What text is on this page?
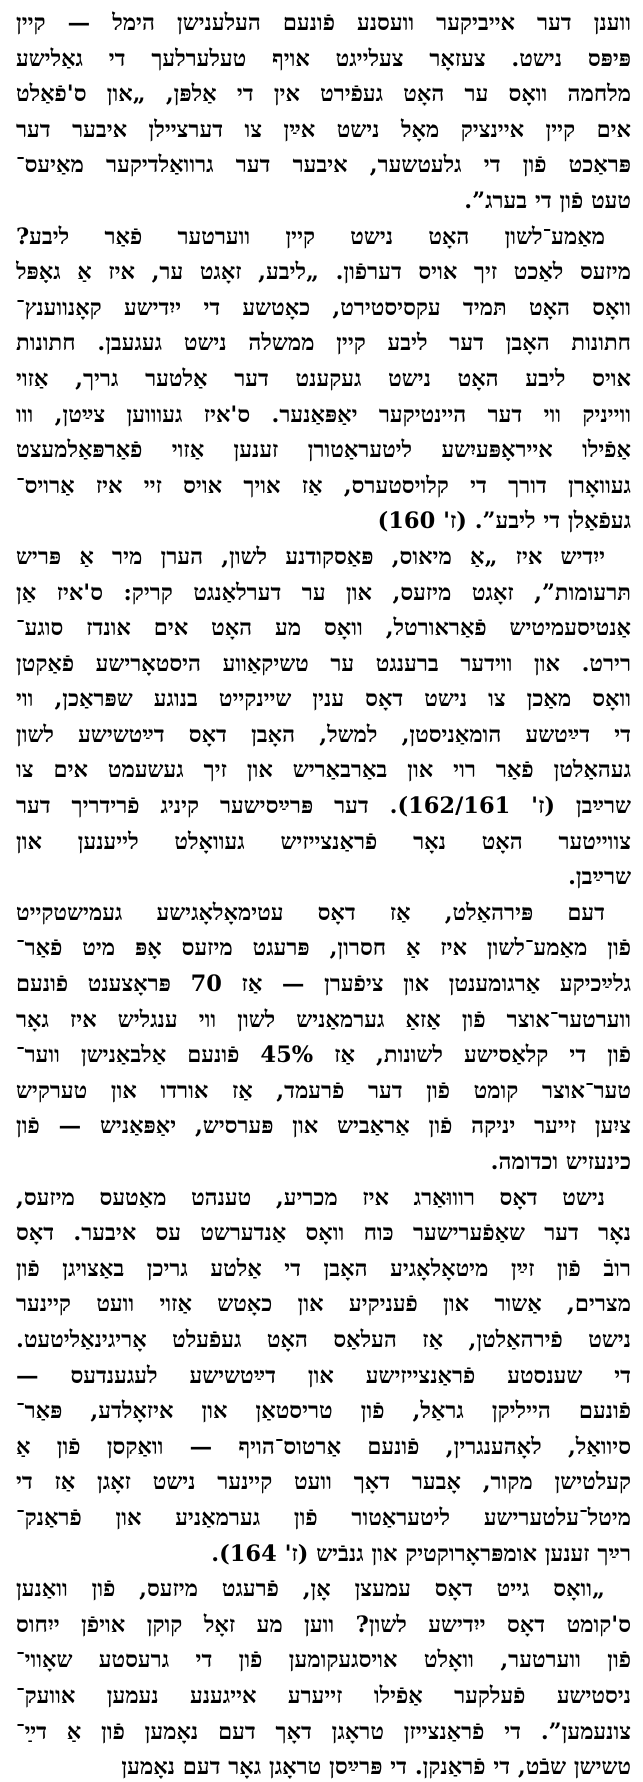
ווענן דער אייביקער וועסנע פֿונעם העלענישן הימל — קיין
פּיפּס נישט. צעזאָר צעלייגט אויף טעלערלעך די גאַלישע
מלחמה וואָס ער האָט געפֿירט אין די אַלפּן, „און ס'פֿאַלט
אים קיין איינציק מאָל נישט אײַן צו דערציילן איבער דער
פּראַכט פֿון די גלעטשער, איבער דער גרוואַלדיקער מאַיעס־
טעט פֿון די בערג”.
מאַמע־לשון האָט נישט קיין ווערטער פֿאַר ליבע?
מיזעס לאַכט זיך אויס דערפֿון. „ליבע, זאָגט ער, איז אַ גאָפּל
וואָס האָט תּמיד עקסיסטירט, כאָטשע די ייִדישע קאָנווענץ־
חתונות האָבן דער ליבע קיין ממשלה נישט געגעבן. חתונות
אויס ליבע האָט נישט געקענט דער אַלטער גריך, אַזוי
ווייניק ווי דער היינטיקער יאַפּאַנער. ס'איז געוווען צײַטן, ווו
אַפֿילו אייראָפּעיִשע ליטעראַטורן זענען אַזוי פֿאַרפּאַלמעצט
געוואָרן דורך די קלויסטערס, אַז אויך אויס זיי איז אַרויס־
געפֿאַלן די ליבע”. (ז' 160)
ייִדיש איז „אַ מיאוס, פּאַסקודנע לשון, הערן מיר אַ פּריש
תּרעומות”, זאָגט מיזעס, און ער דערלאַנגט קריק: ס'איז אַן
אַנטיסעמיטיש פֿאַראורטל, וואָס מע האָט אים אונדז סוגע־
רירט. און ווידער ברענגט ער טשיקאַווע היסטאָרישע פֿאַקטן
וואָס מאַכן צו נישט דאָס ענין שיינקייט בנוגע שפּראַכן, ווי
די דײַטשע הומאַניסטן, למשל, האָבן דאָס דײַטשישע לשון
געהאַלטן פֿאַר רוי און באַרבאַריש און זיך געשעמט אים צו
שרײַבן (ז' 162/161). דער פּרײַסישער קיניג פֿרידריך דער
צווייטער האָט נאָר פֿראַנצייזיש געוואָלט לייענען און
שרײַבן.
דעם פּירהאַלט, אַז דאָס עטימאָלאָגישע געמישטקייט
פֿון מאַמע־לשון איז אַ חסרון, פּרעגט מיזעס אָפּ מיט פֿאַר־
גלײַכיקע אַרגומענטן און ציפֿערן — אַז 70 פּראָצענט פֿונעם
ווערטער־אוצר פֿון אַזאַ גערמאַניש לשון ווי ענגליש איז גאָר
פֿון די קלאַסישע לשונות, אַז 45% פֿונעם אַלבאַנישן ווער־
טער־אוצר קומט פֿון דער פֿרעמד, אַז אורדו און טערקיש
ציִען זייער יניקה פֿון אַראַביש און פּערסיש, יאַפּאַניש — פֿון
כינעזיש וכדומה.
נישט דאָס רוווּאַרג איז מכריע, טענהט מאַטעס מיזעס,
נאָר דער שאַפֿערישער כּוח וואָס אַנדערשט עס איבער. דאָס
רובֿ פֿון זײַן מיטאָלאָגיע האָבן די אַלטע גריכן באַצויגן פֿון
מצרים, אַשור און פֿעניקיע און כאָטש אַזוי וועט קיינער
נישט פֿירהאַלטן, אַז העלאַס האָט געפֿעלט אָריגינאַליטעט.
די שענסטע פֿראַנצייזישע און דײַטשישע לעגענדעס —
פֿונעם הייליקן גראַל, פֿון טריסטאַן און איזאָלדע, פּאַר־
סיוואַל, לאָהענגרין, פֿונעם אַרטוס־הויף — וואַקסן פֿון אַ
קעלטישן מקור, אָבער דאָך וועט קיינער נישט זאָגן אַז די
מיטל־עלטערישע ליטעראַטור פֿון גערמאַניע און פֿראַנק־
רײַך זענען אומפּראָרוקטיק און גנבֿיש (ז' 164).
„וואָס גייט דאָס עמעצן אָן, פֿרעגט מיזעס, פֿון וואַנען
ס'קומט דאָס ייִדישע לשון? ווען מע זאָל קוקן אויפֿן ייִחוס
פֿון ווערטער, וואָלט אויסגעקומען פֿון די גרעסטע שאָווי־
ניסטישע פֿעלקער אַפֿילו זייערע אייגענע נעמען אוועק־
צונעמען”. די פֿראַנצייזן טראָגן דאָך דעם נאָמען פֿון אַ דײַ־
טשישן שבֿט, די פֿראַנקן. די פּרײַסן טראָגן גאָר דעם נאָמען
